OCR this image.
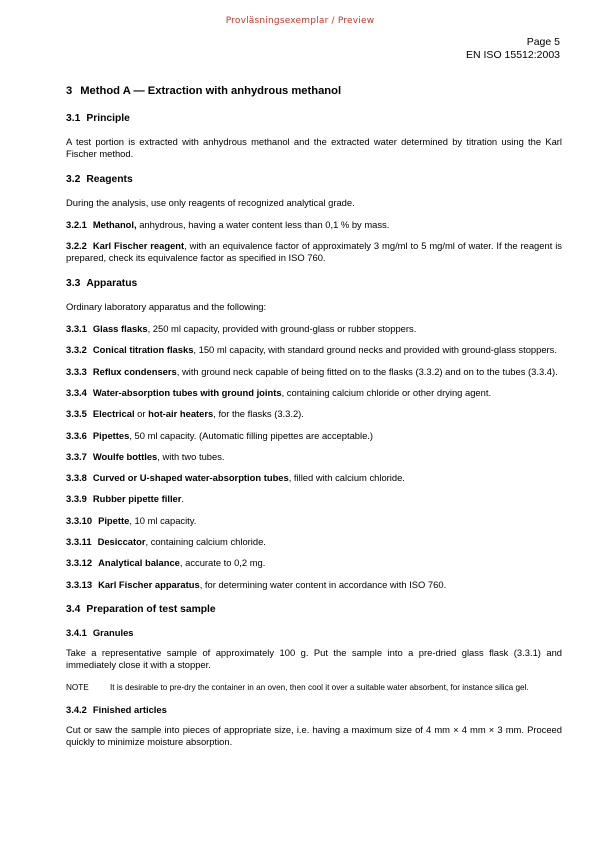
Provläsningsexemplar / Preview
Page 5
EN ISO 15512:2003
3 Method A — Extraction with anhydrous methanol
3.1 Principle

A test portion is extracted with anhydrous methanol and the extracted water determined by titration using the Karl Fischer method.

3.2 Reagents

During the analysis, use only reagents of recognized analytical grade.

3.2.1 Methanol, anhydrous, having a water content less than 0,1 % by mass.

3.2.2 Karl Fischer reagent, with an equivalence factor of approximately 3 mg/ml to 5 mg/ml of water. If the reagent is prepared, check its equivalence factor as specified in ISO 760.

3.3 Apparatus

Ordinary laboratory apparatus and the following:

3.3.1 Glass flasks, 250 ml capacity, provided with ground-glass or rubber stoppers.

3.3.2 Conical titration flasks, 150 ml capacity, with standard ground necks and provided with ground-glass stoppers.

3.3.3 Reflux condensers, with ground neck capable of being fitted on to the flasks (3.3.2) and on to the tubes (3.3.4).

3.3.4 Water-absorption tubes with ground joints, containing calcium chloride or other drying agent.

3.3.5 Electrical or hot-air heaters, for the flasks (3.3.2).

3.3.6 Pipettes, 50 ml capacity. (Automatic filling pipettes are acceptable.)

3.3.7 Woulfe bottles, with two tubes.

3.3.8 Curved or U-shaped water-absorption tubes, filled with calcium chloride.

3.3.9 Rubber pipette filler.

3.3.10 Pipette, 10 ml capacity.

3.3.11 Desiccator, containing calcium chloride.

3.3.12 Analytical balance, accurate to 0,2 mg.

3.3.13 Karl Fischer apparatus, for determining water content in accordance with ISO 760.

3.4 Preparation of test sample
3.4.1 Granules

Take a representative sample of approximately 100 g. Put the sample into a pre-dried glass flask (3.3.1) and immediately close it with a stopper.

NOTE	It is desirable to pre-dry the container in an oven, then cool it over a suitable water absorbent, for instance silica gel.
3.4.2 Finished articles

Cut or saw the sample into pieces of appropriate size, i.e. having a maximum size of 4 mm × 4 mm × 3 mm. Proceed quickly to minimize moisture absorption.
